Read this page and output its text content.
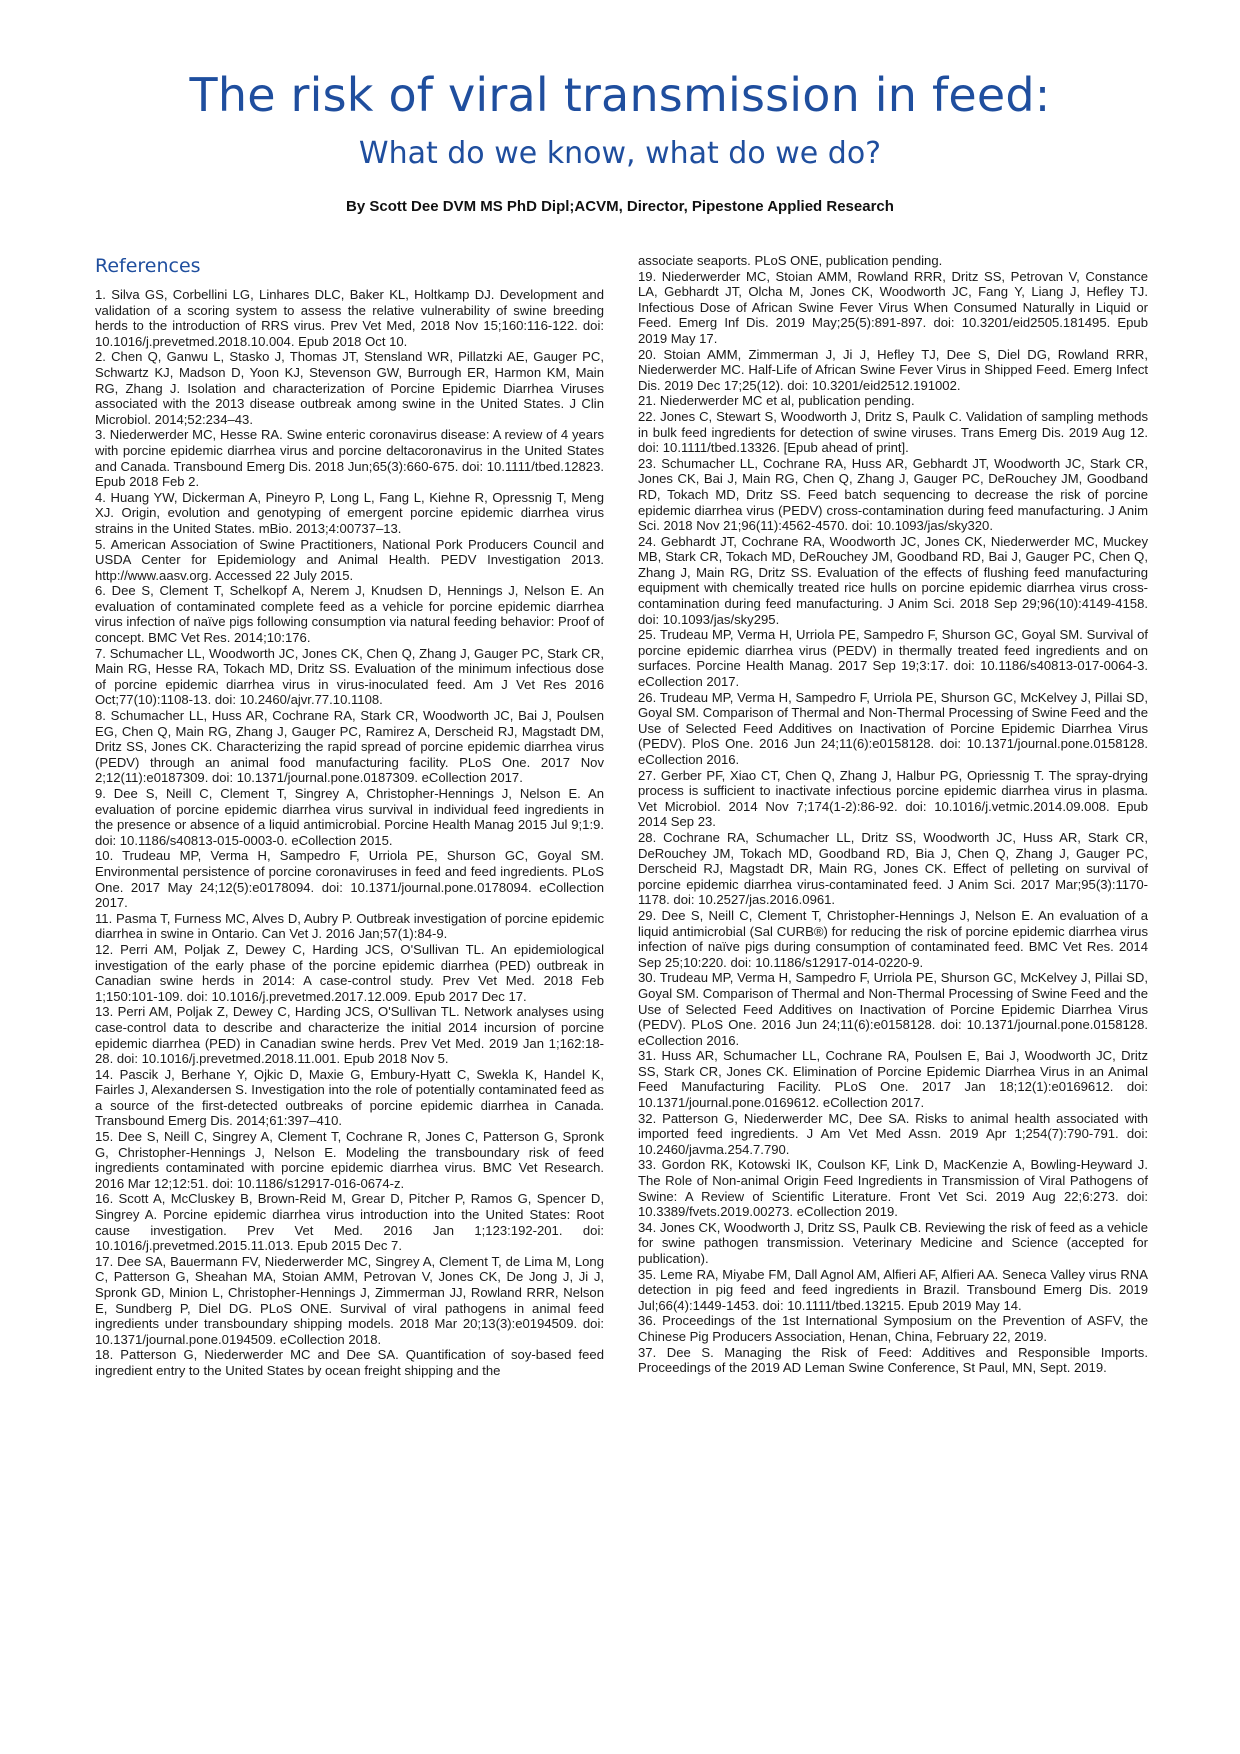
The risk of viral transmission in feed:
What do we know, what do we do?

By Scott Dee DVM MS PhD Dipl;ACVM, Director, Pipestone Applied Research

References

1. Silva GS, Corbellini LG, Linhares DLC, Baker KL, Holtkamp DJ. Development and validation of a scoring system to assess the relative vulnerability of swine breeding herds to the introduction of RRS virus. Prev Vet Med, 2018 Nov 15;160:116-122. doi: 10.1016/j.prevetmed.2018.10.004. Epub 2018 Oct 10.

2. Chen Q, Ganwu L, Stasko J, Thomas JT, Stensland WR, Pillatzki AE, Gauger PC, Schwartz KJ, Madson D, Yoon KJ, Stevenson GW, Burrough ER, Harmon KM, Main RG, Zhang J. Isolation and characterization of Porcine Epidemic Diarrhea Viruses associated with the 2013 disease outbreak among swine in the United States. J Clin Microbiol. 2014;52:234–43.

3. Niederwerder MC, Hesse RA. Swine enteric coronavirus disease: A review of 4 years with porcine epidemic diarrhea virus and porcine deltacoronavirus in the United States and Canada. Transbound Emerg Dis. 2018 Jun;65(3):660-675. doi: 10.1111/tbed.12823. Epub 2018 Feb 2.

4. Huang YW, Dickerman A, Pineyro P, Long L, Fang L, Kiehne R, Opressnig T, Meng XJ. Origin, evolution and genotyping of emergent porcine epidemic diarrhea virus strains in the United States. mBio. 2013;4:00737–13.

5. American Association of Swine Practitioners, National Pork Producers Council and USDA Center for Epidemiology and Animal Health. PEDV Investigation 2013. http://www.aasv.org. Accessed 22 July 2015.

6. Dee S, Clement T, Schelkopf A, Nerem J, Knudsen D, Hennings J, Nelson E. An evaluation of contaminated complete feed as a vehicle for porcine epidemic diarrhea virus infection of naïve pigs following consumption via natural feeding behavior: Proof of concept. BMC Vet Res. 2014;10:176.

7. Schumacher LL, Woodworth JC, Jones CK, Chen Q, Zhang J, Gauger PC, Stark CR, Main RG, Hesse RA, Tokach MD, Dritz SS. Evaluation of the minimum infectious dose of porcine epidemic diarrhea virus in virus-inoculated feed. Am J Vet Res 2016 Oct;77(10):1108-13. doi: 10.2460/ajvr.77.10.1108.

8. Schumacher LL, Huss AR, Cochrane RA, Stark CR, Woodworth JC, Bai J, Poulsen EG, Chen Q, Main RG, Zhang J, Gauger PC, Ramirez A, Derscheid RJ, Magstadt DM, Dritz SS, Jones CK. Characterizing the rapid spread of porcine epidemic diarrhea virus (PEDV) through an animal food manufacturing facility. PLoS One. 2017 Nov 2;12(11):e0187309. doi: 10.1371/journal.pone.0187309. eCollection 2017.

9. Dee S, Neill C, Clement T, Singrey A, Christopher-Hennings J, Nelson E. An evaluation of porcine epidemic diarrhea virus survival in individual feed ingredients in the presence or absence of a liquid antimicrobial. Porcine Health Manag 2015 Jul 9;1:9. doi: 10.1186/s40813-015-0003-0. eCollection 2015.

10. Trudeau MP, Verma H, Sampedro F, Urriola PE, Shurson GC, Goyal SM. Environmental persistence of porcine coronaviruses in feed and feed ingredients. PLoS One. 2017 May 24;12(5):e0178094. doi: 10.1371/journal.pone.0178094. eCollection 2017.

11. Pasma T, Furness MC, Alves D, Aubry P. Outbreak investigation of porcine epidemic diarrhea in swine in Ontario. Can Vet J. 2016 Jan;57(1):84-9.

12. Perri AM, Poljak Z, Dewey C, Harding JCS, O'Sullivan TL. An epidemiological investigation of the early phase of the porcine epidemic diarrhea (PED) outbreak in Canadian swine herds in 2014: A case-control study. Prev Vet Med. 2018 Feb 1;150:101-109. doi: 10.1016/j.prevetmed.2017.12.009. Epub 2017 Dec 17.

13. Perri AM, Poljak Z, Dewey C, Harding JCS, O'Sullivan TL. Network analyses using case-control data to describe and characterize the initial 2014 incursion of porcine epidemic diarrhea (PED) in Canadian swine herds. Prev Vet Med. 2019 Jan 1;162:18-28. doi: 10.1016/j.prevetmed.2018.11.001. Epub 2018 Nov 5.

14. Pascik J, Berhane Y, Ojkic D, Maxie G, Embury-Hyatt C, Swekla K, Handel K, Fairles J, Alexandersen S. Investigation into the role of potentially contaminated feed as a source of the first-detected outbreaks of porcine epidemic diarrhea in Canada. Transbound Emerg Dis. 2014;61:397–410.

15. Dee S, Neill C, Singrey A, Clement T, Cochrane R, Jones C, Patterson G, Spronk G, Christopher-Hennings J, Nelson E. Modeling the transboundary risk of feed ingredients contaminated with porcine epidemic diarrhea virus. BMC Vet Research. 2016 Mar 12;12:51. doi: 10.1186/s12917-016-0674-z.

16. Scott A, McCluskey B, Brown-Reid M, Grear D, Pitcher P, Ramos G, Spencer D, Singrey A. Porcine epidemic diarrhea virus introduction into the United States: Root cause investigation. Prev Vet Med. 2016 Jan 1;123:192-201. doi: 10.1016/j.prevetmed.2015.11.013. Epub 2015 Dec 7.

17. Dee SA, Bauermann FV, Niederwerder MC, Singrey A, Clement T, de Lima M, Long C, Patterson G, Sheahan MA, Stoian AMM, Petrovan V, Jones CK, De Jong J, Ji J, Spronk GD, Minion L, Christopher-Hennings J, Zimmerman JJ, Rowland RRR, Nelson E, Sundberg P, Diel DG. PLoS ONE. Survival of viral pathogens in animal feed ingredients under transboundary shipping models. 2018 Mar 20;13(3):e0194509. doi: 10.1371/journal.pone.0194509. eCollection 2018.

18. Patterson G, Niederwerder MC and Dee SA. Quantification of soy-based feed ingredient entry to the United States by ocean freight shipping and the

associate seaports. PLoS ONE, publication pending.

19. Niederwerder MC, Stoian AMM, Rowland RRR, Dritz SS, Petrovan V, Constance LA, Gebhardt JT, Olcha M, Jones CK, Woodworth JC, Fang Y, Liang J, Hefley TJ. Infectious Dose of African Swine Fever Virus When Consumed Naturally in Liquid or Feed. Emerg Inf Dis. 2019 May;25(5):891-897. doi: 10.3201/eid2505.181495. Epub 2019 May 17.

20. Stoian AMM, Zimmerman J, Ji J, Hefley TJ, Dee S, Diel DG, Rowland RRR, Niederwerder MC. Half-Life of African Swine Fever Virus in Shipped Feed. Emerg Infect Dis. 2019 Dec 17;25(12). doi: 10.3201/eid2512.191002.

21. Niederwerder MC et al, publication pending.

22. Jones C, Stewart S, Woodworth J, Dritz S, Paulk C. Validation of sampling methods in bulk feed ingredients for detection of swine viruses. Trans Emerg Dis. 2019 Aug 12. doi: 10.1111/tbed.13326. [Epub ahead of print].

23. Schumacher LL, Cochrane RA, Huss AR, Gebhardt JT, Woodworth JC, Stark CR, Jones CK, Bai J, Main RG, Chen Q, Zhang J, Gauger PC, DeRouchey JM, Goodband RD, Tokach MD, Dritz SS. Feed batch sequencing to decrease the risk of porcine epidemic diarrhea virus (PEDV) cross-contamination during feed manufacturing. J Anim Sci. 2018 Nov 21;96(11):4562-4570. doi: 10.1093/jas/sky320.

24. Gebhardt JT, Cochrane RA, Woodworth JC, Jones CK, Niederwerder MC, Muckey MB, Stark CR, Tokach MD, DeRouchey JM, Goodband RD, Bai J, Gauger PC, Chen Q, Zhang J, Main RG, Dritz SS. Evaluation of the effects of flushing feed manufacturing equipment with chemically treated rice hulls on porcine epidemic diarrhea virus cross-contamination during feed manufacturing. J Anim Sci. 2018 Sep 29;96(10):4149-4158. doi: 10.1093/jas/sky295.

25. Trudeau MP, Verma H, Urriola PE, Sampedro F, Shurson GC, Goyal SM. Survival of porcine epidemic diarrhea virus (PEDV) in thermally treated feed ingredients and on surfaces. Porcine Health Manag. 2017 Sep 19;3:17. doi: 10.1186/s40813-017-0064-3. eCollection 2017.

26. Trudeau MP, Verma H, Sampedro F, Urriola PE, Shurson GC, McKelvey J, Pillai SD, Goyal SM. Comparison of Thermal and Non-Thermal Processing of Swine Feed and the Use of Selected Feed Additives on Inactivation of Porcine Epidemic Diarrhea Virus (PEDV). PloS One. 2016 Jun 24;11(6):e0158128. doi: 10.1371/journal.pone.0158128. eCollection 2016.

27. Gerber PF, Xiao CT, Chen Q, Zhang J, Halbur PG, Opriessnig T. The spray-drying process is sufficient to inactivate infectious porcine epidemic diarrhea virus in plasma. Vet Microbiol. 2014 Nov 7;174(1-2):86-92. doi: 10.1016/j.vetmic.2014.09.008. Epub 2014 Sep 23.

28. Cochrane RA, Schumacher LL, Dritz SS, Woodworth JC, Huss AR, Stark CR, DeRouchey JM, Tokach MD, Goodband RD, Bia J, Chen Q, Zhang J, Gauger PC, Derscheid RJ, Magstadt DR, Main RG, Jones CK. Effect of pelleting on survival of porcine epidemic diarrhea virus-contaminated feed. J Anim Sci. 2017 Mar;95(3):1170-1178. doi: 10.2527/jas.2016.0961.

29. Dee S, Neill C, Clement T, Christopher-Hennings J, Nelson E. An evaluation of a liquid antimicrobial (Sal CURB®) for reducing the risk of porcine epidemic diarrhea virus infection of naïve pigs during consumption of contaminated feed. BMC Vet Res. 2014 Sep 25;10:220. doi: 10.1186/s12917-014-0220-9.

30. Trudeau MP, Verma H, Sampedro F, Urriola PE, Shurson GC, McKelvey J, Pillai SD, Goyal SM. Comparison of Thermal and Non-Thermal Processing of Swine Feed and the Use of Selected Feed Additives on Inactivation of Porcine Epidemic Diarrhea Virus (PEDV). PLoS One. 2016 Jun 24;11(6):e0158128. doi: 10.1371/journal.pone.0158128. eCollection 2016.

31. Huss AR, Schumacher LL, Cochrane RA, Poulsen E, Bai J, Woodworth JC, Dritz SS, Stark CR, Jones CK. Elimination of Porcine Epidemic Diarrhea Virus in an Animal Feed Manufacturing Facility. PLoS One. 2017 Jan 18;12(1):e0169612. doi: 10.1371/journal.pone.0169612. eCollection 2017.

32. Patterson G, Niederwerder MC, Dee SA. Risks to animal health associated with imported feed ingredients. J Am Vet Med Assn. 2019 Apr 1;254(7):790-791. doi: 10.2460/javma.254.7.790.

33. Gordon RK, Kotowski IK, Coulson KF, Link D, MacKenzie A, Bowling-Heyward J. The Role of Non-animal Origin Feed Ingredients in Transmission of Viral Pathogens of Swine: A Review of Scientific Literature. Front Vet Sci. 2019 Aug 22;6:273. doi: 10.3389/fvets.2019.00273. eCollection 2019.

34. Jones CK, Woodworth J, Dritz SS, Paulk CB. Reviewing the risk of feed as a vehicle for swine pathogen transmission. Veterinary Medicine and Science (accepted for publication).

35. Leme RA, Miyabe FM, Dall Agnol AM, Alfieri AF, Alfieri AA. Seneca Valley virus RNA detection in pig feed and feed ingredients in Brazil. Transbound Emerg Dis. 2019 Jul;66(4):1449-1453. doi: 10.1111/tbed.13215. Epub 2019 May 14.

36. Proceedings of the 1st International Symposium on the Prevention of ASFV, the Chinese Pig Producers Association, Henan, China, February 22, 2019.

37. Dee S. Managing the Risk of Feed: Additives and Responsible Imports. Proceedings of the 2019 AD Leman Swine Conference, St Paul, MN, Sept. 2019.
